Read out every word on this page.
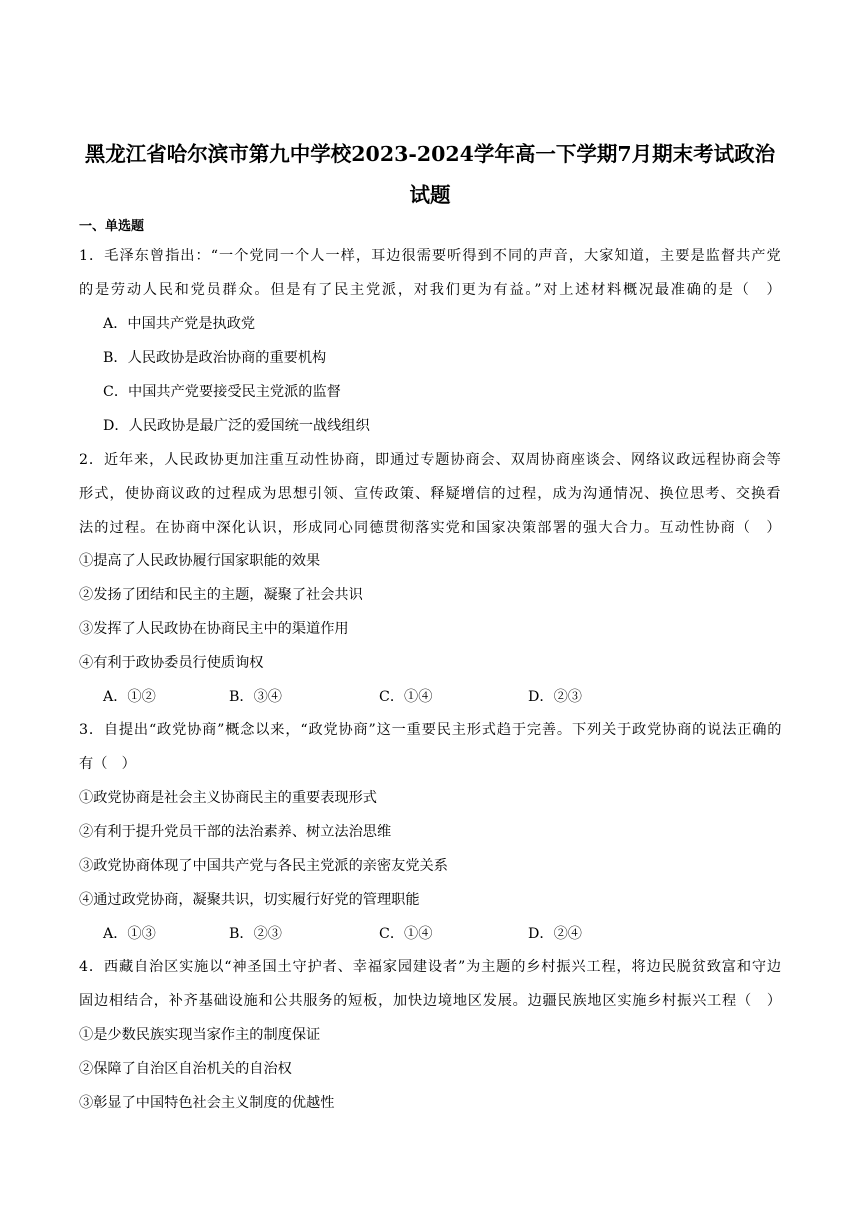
黑龙江省哈尔滨市第九中学校2023-2024学年高一下学期7月期末考试政治试题
一、单选题
1．毛泽东曾指出：“一个党同一个人一样，耳边很需要听得到不同的声音，大家知道，主要是监督共产党
的是劳动人民和党员群众。但是有了民主党派，对我们更为有益。”对上述材料概况最准确的是（　）
A．中国共产党是执政党
B．人民政协是政治协商的重要机构
C．中国共产党要接受民主党派的监督
D．人民政协是最广泛的爱国统一战线组织
2．近年来，人民政协更加注重互动性协商，即通过专题协商会、双周协商座谈会、网络议政远程协商会等
形式，使协商议政的过程成为思想引领、宣传政策、释疑增信的过程，成为沟通情况、换位思考、交换看
法的过程。在协商中深化认识，形成同心同德贯彻落实党和国家决策部署的强大合力。互动性协商（　）
①提高了人民政协履行国家职能的效果
②发扬了团结和民主的主题，凝聚了社会共识
③发挥了人民政协在协商民主中的渠道作用
④有利于政协委员行使质询权
A．①②	B．③④	C．①④	D．②③
3．自提出“政党协商”概念以来，“政党协商”这一重要民主形式趋于完善。下列关于政党协商的说法正确的
有（　）
①政党协商是社会主义协商民主的重要表现形式
②有利于提升党员干部的法治素养、树立法治思维
③政党协商体现了中国共产党与各民主党派的亲密友党关系
④通过政党协商，凝聚共识，切实履行好党的管理职能
A．①③	B．②③	C．①④	D．②④
4．西藏自治区实施以“神圣国土守护者、幸福家园建设者”为主题的乡村振兴工程，将边民脱贫致富和守边
固边相结合，补齐基础设施和公共服务的短板，加快边境地区发展。边疆民族地区实施乡村振兴工程（　）
①是少数民族实现当家作主的制度保证
②保障了自治区自治机关的自治权
③彰显了中国特色社会主义制度的优越性
